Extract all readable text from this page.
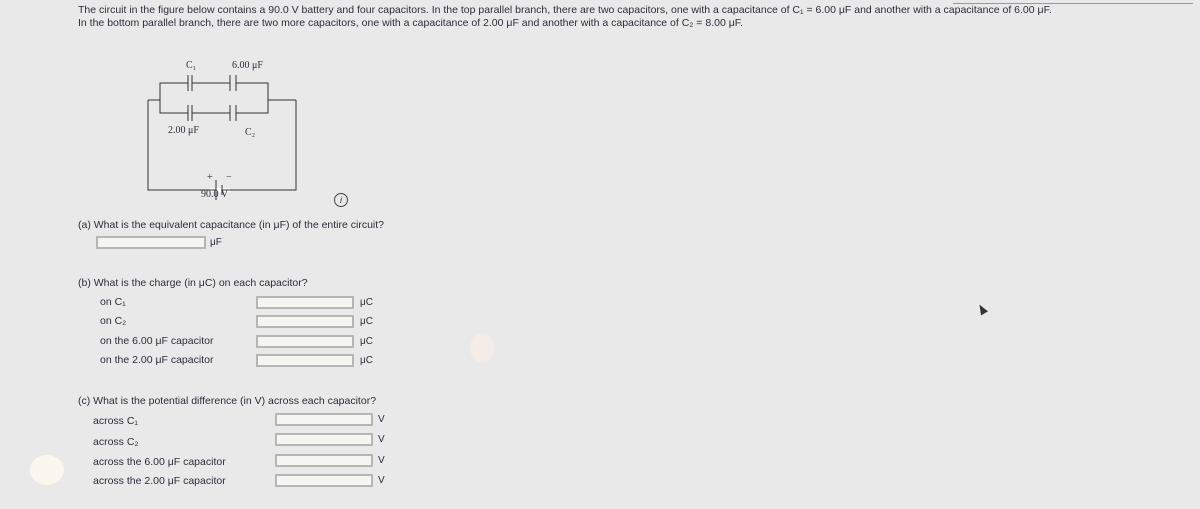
The circuit in the figure below contains a 90.0 V battery and four capacitors. In the top parallel branch, there are two capacitors, one with a capacitance of C₁ = 6.00 μF and another with a capacitance of 6.00 μF.
In the bottom parallel branch, there are two more capacitors, one with a capacitance of 2.00 μF and another with a capacitance of C₂ = 8.00 μF.
C₁	6.00 μF
2.00 μF	C₂
+ −
90.0 V	i
(a) What is the equivalent capacitance (in μF) of the entire circuit?
μF
(b) What is the charge (in μC) on each capacitor?
on C₁	μC
on C₂	μC
on the 6.00 μF capacitor	μC
on the 2.00 μF capacitor	μC
(c) What is the potential difference (in V) across each capacitor?
across C₁	V
across C₂	V
across the 6.00 μF capacitor	V
across the 2.00 μF capacitor	V
